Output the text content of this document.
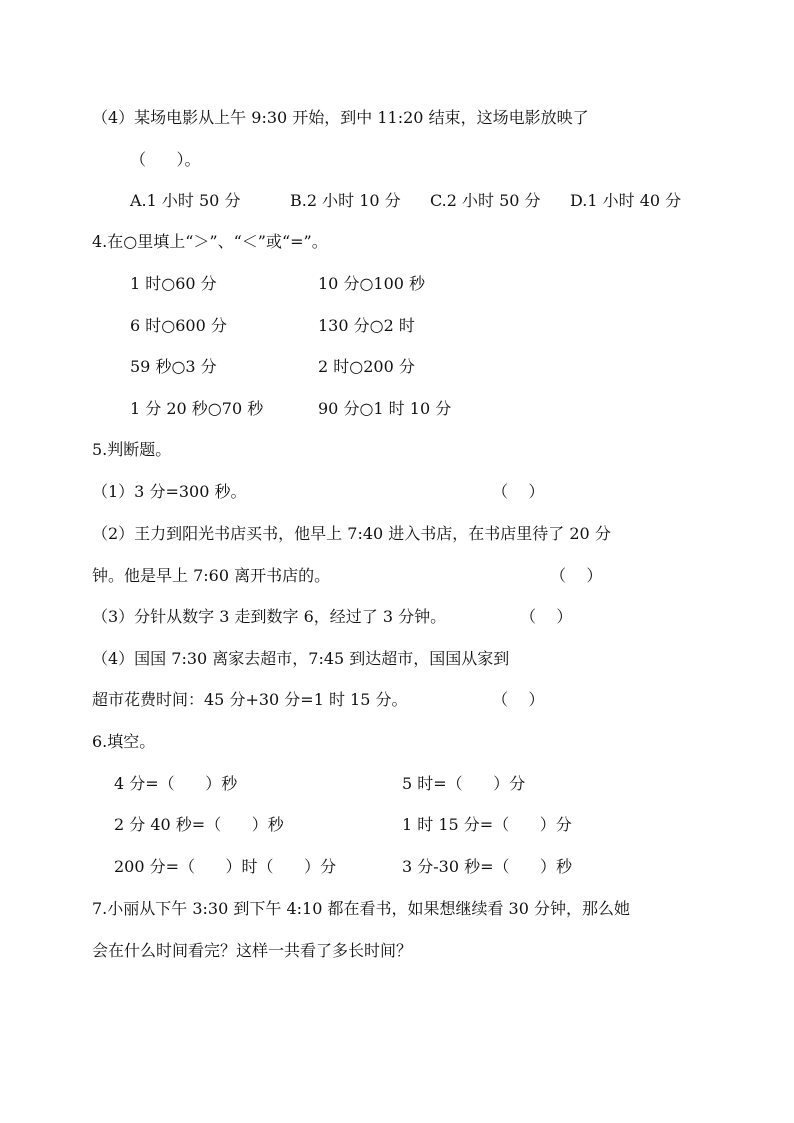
（4）某场电影从上午 9:30 开始，到中 11:20 结束，这场电影放映了
（      ）。
A.1 小时 50 分	B.2 小时 10 分 C.2 小时 50 分 D.1 小时 40 分
4.在○里填上“＞”、“＜”或“=”。
1 时○60 分	10 分○100 秒
6 时○600 分	130 分○2 时
59 秒○3 分	2 时○200 分
1 分 20 秒○70 秒	90 分○1 时 10 分
5.判断题。
（1）3 分=300 秒。	（    ）
（2）王力到阳光书店买书，他早上 7:40 进入书店，在书店里待了 20 分
钟。他是早上 7:60 离开书店的。	（    ）
（3）分针从数字 3 走到数字 6，经过了 3 分钟。	（    ）
（4）国国 7:30 离家去超市，7:45 到达超市，国国从家到
超市花费时间：45 分+30 分=1 时 15 分。	（    ）
6.填空。
4 分=（      ）秒	5 时=（      ）分
2 分 40 秒=（      ）秒	1 时 15 分=（      ）分
200 分=（      ）时（      ）分	3 分-30 秒=（      ）秒
7.小丽从下午 3:30 到下午 4:10 都在看书，如果想继续看 30 分钟，那么她
会在什么时间看完？这样一共看了多长时间？
